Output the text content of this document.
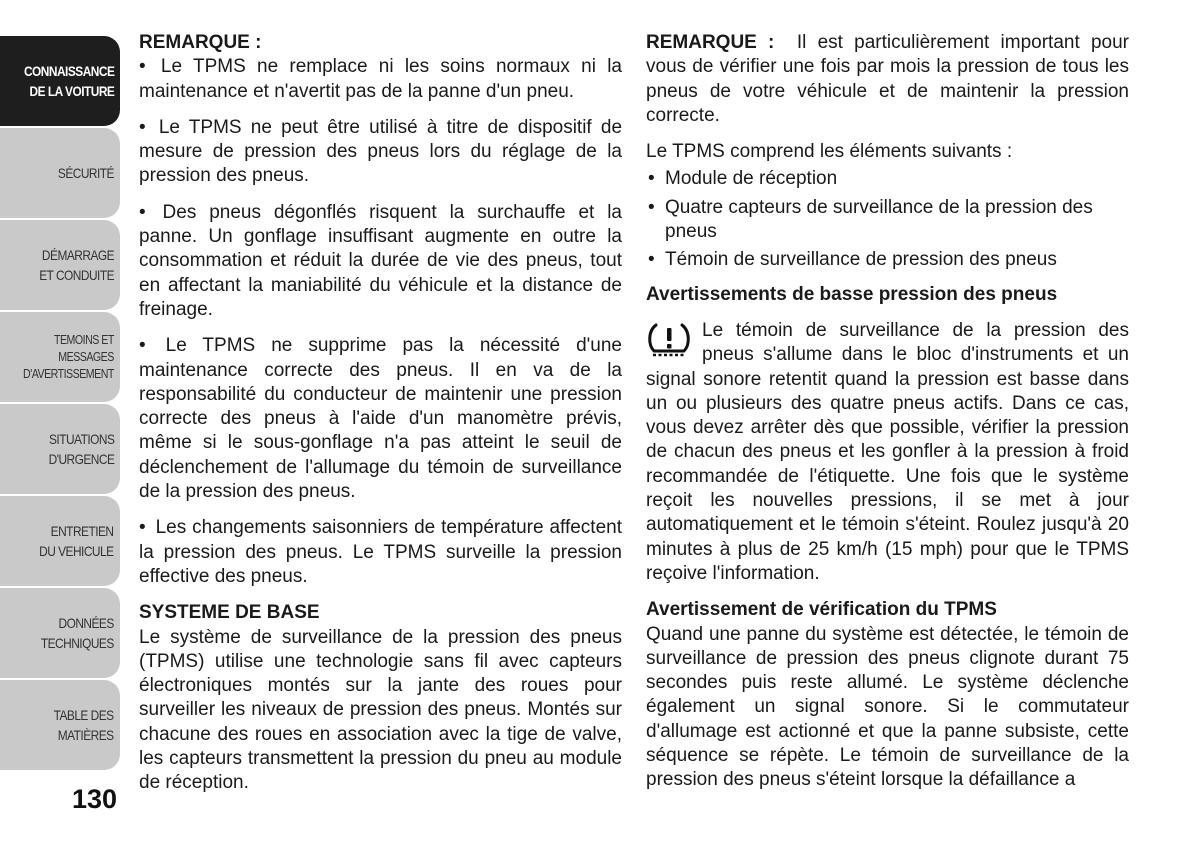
CONNAISSANCE
DE LA VOITURE
SÉCURITÉ
DÉMARRAGE
ET CONDUITE
TEMOINS ET
MESSAGES
D'AVERTISSEMENT
SITUATIONS
D'URGENCE
ENTRETIEN
DU VEHICULE
DONNÉES
TECHNIQUES
TABLE DES
MATIÈRES
130

REMARQUE :

• Le TPMS ne remplace ni les soins normaux ni la maintenance et n'avertit pas de la panne d'un pneu.

• Le TPMS ne peut être utilisé à titre de dispositif de mesure de pression des pneus lors du réglage de la pression des pneus.

• Des pneus dégonflés risquent la surchauffe et la panne. Un gonflage insuffisant augmente en outre la consommation et réduit la durée de vie des pneus, tout en affectant la maniabilité du véhicule et la distance de freinage.

• Le TPMS ne supprime pas la nécessité d'une maintenance correcte des pneus. Il en va de la responsabilité du conducteur de maintenir une pression correcte des pneus à l'aide d'un manomètre prévis, même si le sous-gonflage n'a pas atteint le seuil de déclenchement de l'allumage du témoin de surveillance de la pression des pneus.

• Les changements saisonniers de température affectent la pression des pneus. Le TPMS surveille la pression effective des pneus.

SYSTEME DE BASE

Le système de surveillance de la pression des pneus (TPMS) utilise une technologie sans fil avec capteurs électroniques montés sur la jante des roues pour surveiller les niveaux de pression des pneus. Montés sur chacune des roues en association avec la tige de valve, les capteurs transmettent la pression du pneu au module de réception.

REMARQUE : Il est particulièrement important pour vous de vérifier une fois par mois la pression de tous les pneus de votre véhicule et de maintenir la pression correcte.

Le TPMS comprend les éléments suivants :

• Module de réception
• Quatre capteurs de surveillance de la pression des pneus
• Témoin de surveillance de pression des pneus

Avertissements de basse pression des pneus

Le témoin de surveillance de la pression des pneus s'allume dans le bloc d'instruments et un signal sonore retentit quand la pression est basse dans un ou plusieurs des quatre pneus actifs. Dans ce cas, vous devez arrêter dès que possible, vérifier la pression de chacun des pneus et les gonfler à la pression à froid recommandée de l'étiquette. Une fois que le système reçoit les nouvelles pressions, il se met à jour automatiquement et le témoin s'éteint. Roulez jusqu'à 20 minutes à plus de 25 km/h (15 mph) pour que le TPMS reçoive l'information.

Avertissement de vérification du TPMS

Quand une panne du système est détectée, le témoin de surveillance de pression des pneus clignote durant 75 secondes puis reste allumé. Le système déclenche également un signal sonore. Si le commutateur d'allumage est actionné et que la panne subsiste, cette séquence se répète. Le témoin de surveillance de la pression des pneus s'éteint lorsque la défaillance a
